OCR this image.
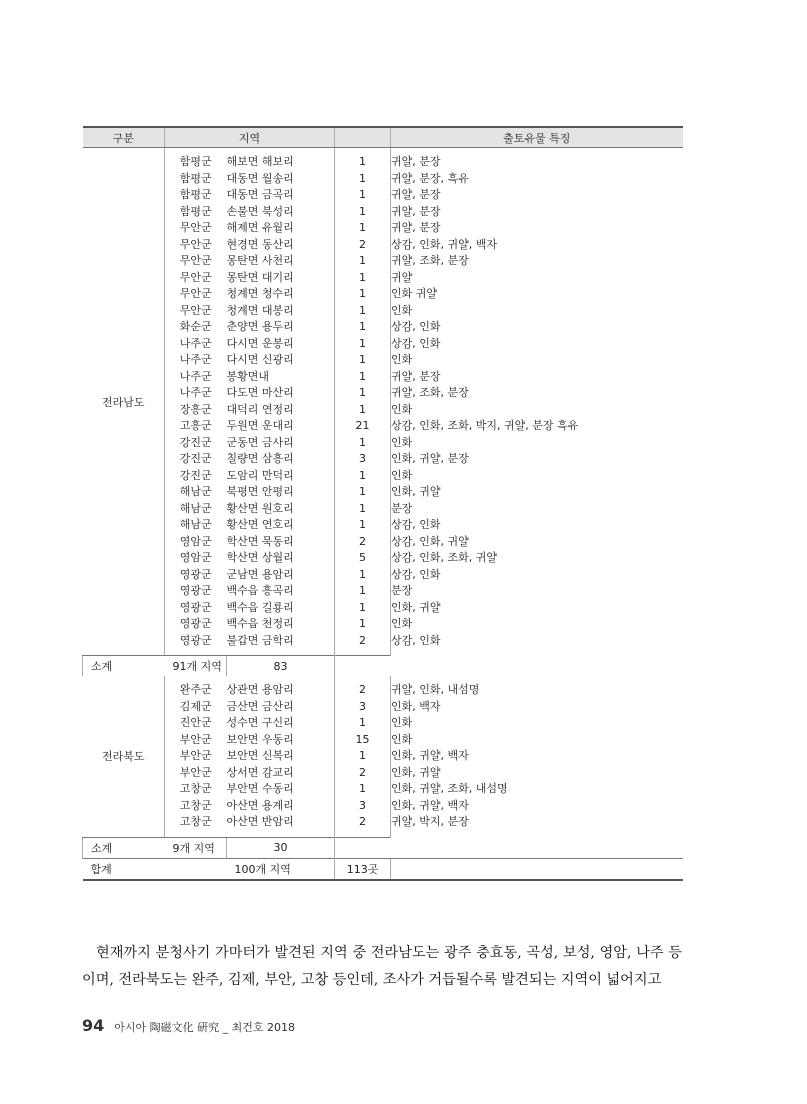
구분	지역			출토유물 특징
전라남도				
	함평군	해보면 해보리	1	귀얄, 분장
	함평군	대동면 월송리	1	귀얄, 분장, 흑유
	함평군	대동면 금곡리	1	귀얄, 분장
	함평군	손불면 북성리	1	귀얄, 분장
	무안군	해제면 유월리	1	귀얄, 분장
	무안군	현경면 동산리	2	상감, 인화, 귀얄, 백자
	무안군	몽탄면 사천리	1	귀얄, 조화, 분장
	무안군	몽탄면 대기리	1	귀얄
	무안군	청계면 청수리	1	인화 귀얄
	무안군	청계면 대봉리	1	인화
	화순군	춘양면 용두리	1	상감, 인화
	나주군	다시면 운봉리	1	상감, 인화
	나주군	다시면 신광리	1	인화
	나주군	봉황면내	1	귀얄, 분장
	나주군	다도면 마산리	1	귀얄, 조화, 분장
	장흥군	대덕리 연정리	1	인화
	고흥군	두원면 운대리	21	상감, 인화, 조화, 박지, 귀얄, 분장 흑유
	강진군	군동면 금사리	1	인화
	강진군	칠량면 삼흥리	3	인화, 귀얄, 분장
	강진군	도암리 만덕리	1	인화
	해남군	북평면 안평리	1	인화, 귀얄
	해남군	황산면 원호리	1	분장
	해남군	황산면 연호리	1	상감, 인화
	영암군	학산면 묵동리	2	상감, 인화, 귀얄
	영암군	학산면 상월리	5	상감, 인화, 조화, 귀얄
	영광군	군남면 용암리	1	상감, 인화
	영광군	백수읍 흥곡리	1	분장
	영광군	백수읍 길룡리	1	인화, 귀얄
	영광군	백수읍 천정리	1	인화
	영광군	불갑면 금학리	2	상감, 인화

소계	91개 지역	83		
전라북도				
	완주군	상관면 용암리	2	귀얄, 인화, 내섬명
	김제군	금산면 금산리	3	인화, 백자
	진안군	성수면 구신리	1	인화
	부안군	보안면 우동리	15	인화
	부안군	보안면 신복리	1	인화, 귀얄, 백자
	부안군	상서면 감교리	2	인화, 귀얄
	고창군	부안면 수동리	1	인화, 귀얄, 조화, 내섬명
	고창군	아산면 용계리	3	인화, 귀얄, 백자
	고창군	아산면 반암리	2	귀얄, 박지, 분장

소계	9개 지역	30		
합계		100개 지역	113곳	

현재까지 분청사기 가마터가 발견된 지역 중 전라남도는 광주 충효동, 곡성, 보성, 영암, 나주 등이며, 전라북도는 완주, 김제, 부안, 고창 등인데, 조사가 거듭될수록 발견되는 지역이 넓어지고

94 아시아 陶磁文化 硏究 _ 최건호 2018
